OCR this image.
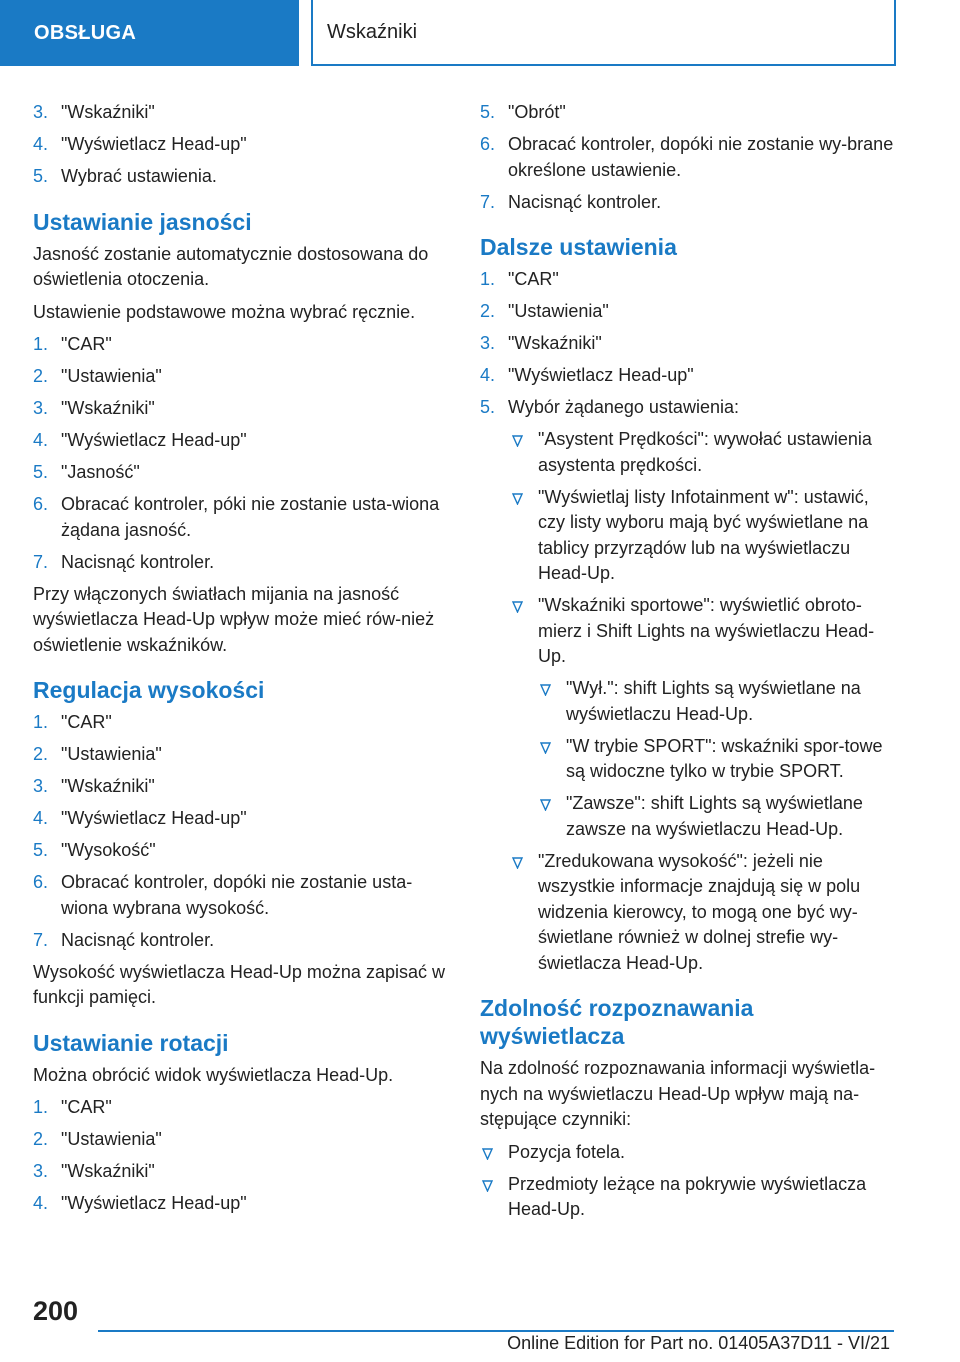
OBSŁUGA	Wskaźniki
3. "Wskaźniki"
4. "Wyświetlacz Head-up"
5. Wybrać ustawienia.
Ustawianie jasności

Jasność zostanie automatycznie dostosowana do oświetlenia otoczenia.

Ustawienie podstawowe można wybrać ręcznie.

1. "CAR"
2. "Ustawienia"
3. "Wskaźniki"
4. "Wyświetlacz Head-up"
5. "Jasność"
6. Obracać kontroler, póki nie zostanie usta-wiona żądana jasność.
7. Nacisnąć kontroler.

Przy włączonych światłach mijania na jasność wyświetlacza Head-Up wpływ może mieć rów-nież oświetlenie wskaźników.

Regulacja wysokości
1. "CAR"
2. "Ustawienia"
3. "Wskaźniki"
4. "Wyświetlacz Head-up"
5. "Wysokość"
6. Obracać kontroler, dopóki nie zostanie usta-wiona wybrana wysokość.
7. Nacisnąć kontroler.

Wysokość wyświetlacza Head-Up można zapisać w funkcji pamięci.

Ustawianie rotacji

Można obrócić widok wyświetlacza Head-Up.

1. "CAR"
2. "Ustawienia"
3. "Wskaźniki"
4. "Wyświetlacz Head-up"
5. "Obrót"
6. Obracać kontroler, dopóki nie zostanie wy-brane określone ustawienie.
7. Nacisnąć kontroler.
Dalsze ustawienia
1. "CAR"
2. "Ustawienia"
3. "Wskaźniki"
4. "Wyświetlacz Head-up"
5. Wybór żądanego ustawienia:
"Asystent Prędkości": wywołać ustawienia asystenta prędkości.
"Wyświetlaj listy Infotainment w": ustawić, czy listy wyboru mają być wyświetlane na tablicy przyrządów lub na wyświetlaczu Head-Up.
"Wskaźniki sportowe": wyświetlić obroto-mierz i Shift Lights na wyświetlaczu Head-Up.
"Wył.": shift Lights są wyświetlane na wyświetlaczu Head-Up.
"W trybie SPORT": wskaźniki spor-towe są widoczne tylko w trybie SPORT.
"Zawsze": shift Lights są wyświetlane zawsze na wyświetlaczu Head-Up.
"Zredukowana wysokość": jeżeli nie wszystkie informacje znajdują się w polu widzenia kierowcy, to mogą one być wy-świetlane również w dolnej strefie wy-świetlacza Head-Up.
Zdolność rozpoznawania wyświetlacza

Na zdolność rozpoznawania informacji wyświetla-nych na wyświetlaczu Head-Up wpływ mają na-stępujące czynniki:

Pozycja fotela.
Przedmioty leżące na pokrywie wyświetlacza Head-Up.
200
Online Edition for Part no. 01405A37D11 - VI/21
